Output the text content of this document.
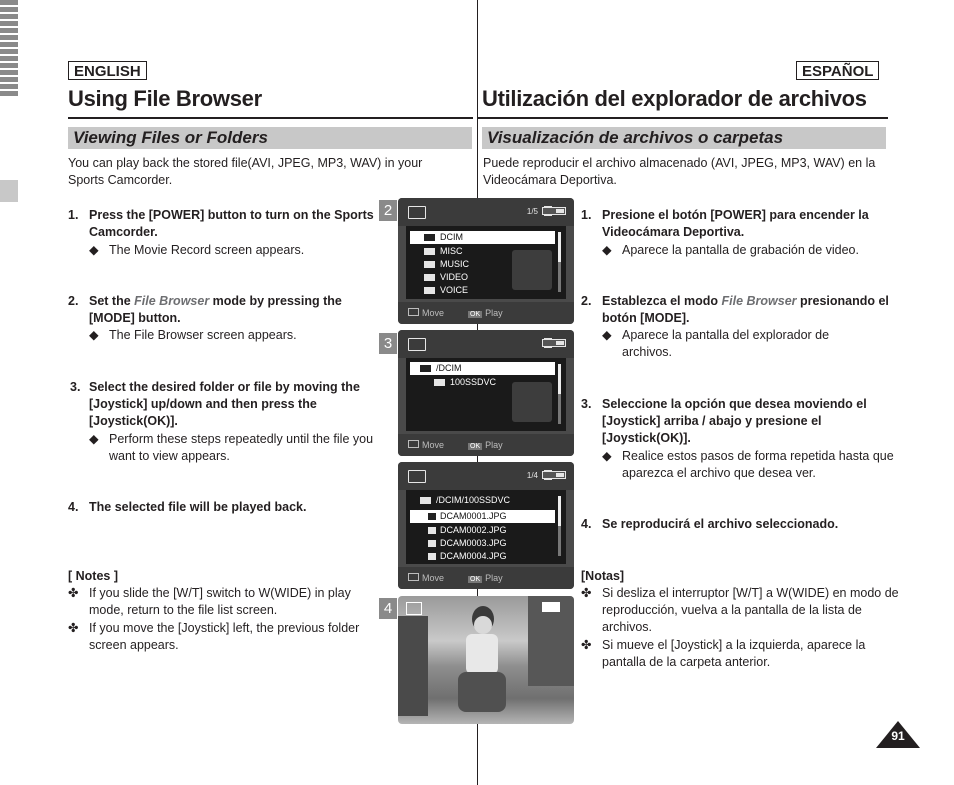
ENGLISH
Using File Browser
Viewing Files or Folders
You can play back the stored file(AVI, JPEG, MP3, WAV) in your Sports Camcorder.
1. Press the [POWER] button to turn on the Sports Camcorder.
◆ The Movie Record screen appears.
2. Set the File Browser mode by pressing the [MODE] button.
◆ The File Browser screen appears.
3. Select the desired folder or file by moving the [Joystick] up/down and then press the [Joystick(OK)].
◆ Perform these steps repeatedly until the file you want to view appears.
4. The selected file will be played back.
[ Notes ]
✤ If you slide the [W/T] switch to W(WIDE) in play mode, return to the file list screen.
✤ If you move the [Joystick] left, the previous folder screen appears.
ESPAÑOL
Utilización del explorador de archivos
Visualización de archivos o carpetas
Puede reproducir el archivo almacenado (AVI, JPEG, MP3, WAV) en la Videocámara Deportiva.
1. Presione el botón [POWER] para encender la Videocámara Deportiva.
◆ Aparece la pantalla de grabación de video.
2. Establezca el modo File Browser presionando el botón [MODE].
◆ Aparece la pantalla del explorador de archivos.
3. Seleccione la opción que desea moviendo el [Joystick] arriba / abajo y presione el [Joystick(OK)].
◆ Realice estos pasos de forma repetida hasta que aparezca el archivo que desea ver.
4. Se reproducirá el archivo seleccionado.
[Notas]
✤ Si desliza el interruptor [W/T] a W(WIDE) en modo de reproducción, vuelva a la pantalla de la lista de archivos.
✤ Si mueve el [Joystick] a la izquierda, aparece la pantalla de la carpeta anterior.
2	1/5
DCIM
MISC
MUSIC
VIDEO
VOICE
Move	OK Play
3
/DCIM
100SSDVC
Move	OK Play
1/4
/DCIM/100SSDVC
DCAM0001.JPG
DCAM0002.JPG
DCAM0003.JPG
DCAM0004.JPG
Move	OK Play
4
91
